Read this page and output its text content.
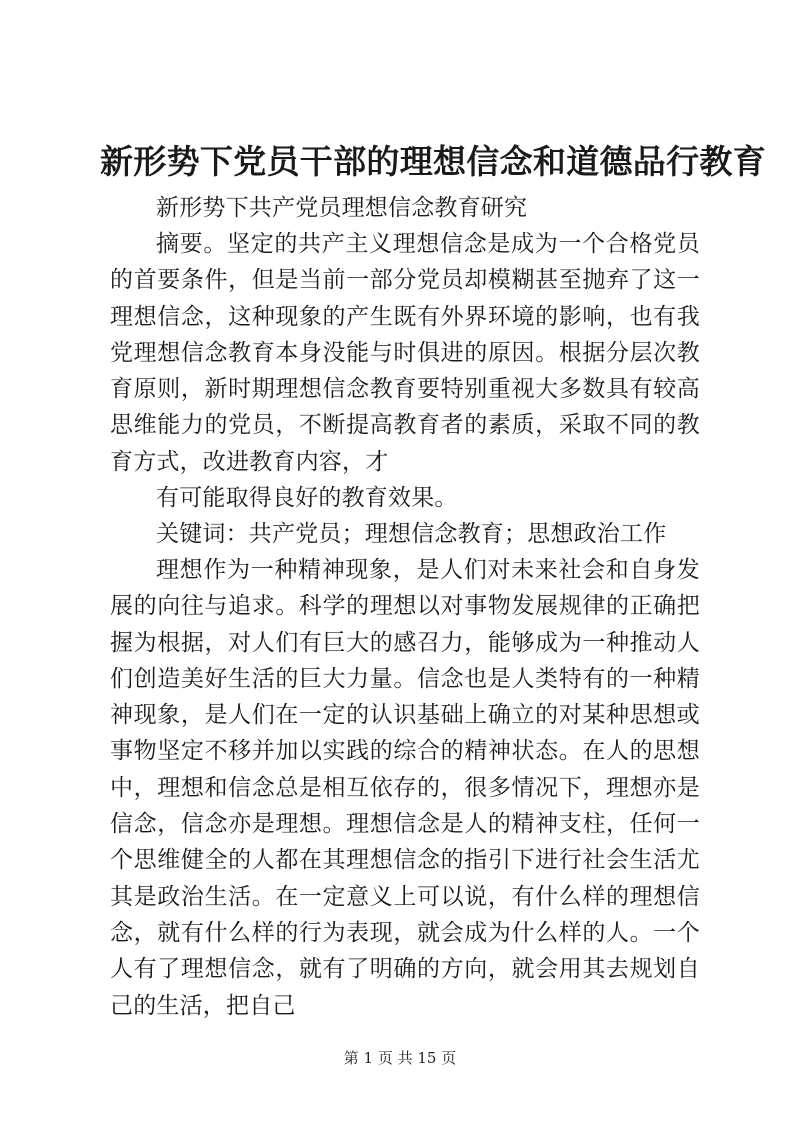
新形势下党员干部的理想信念和道德品行教育

新形势下共产党员理想信念教育研究

摘要。坚定的共产主义理想信念是成为一个合格党员的首要条件，但是当前一部分党员却模糊甚至抛弃了这一理想信念，这种现象的产生既有外界环境的影响，也有我党理想信念教育本身没能与时俱进的原因。根据分层次教育原则，新时期理想信念教育要特别重视大多数具有较高思维能力的党员，不断提高教育者的素质，采取不同的教育方式，改进教育内容，才

有可能取得良好的教育效果。

关键词：共产党员；理想信念教育；思想政治工作

理想作为一种精神现象，是人们对未来社会和自身发展的向往与追求。科学的理想以对事物发展规律的正确把握为根据，对人们有巨大的感召力，能够成为一种推动人们创造美好生活的巨大力量。信念也是人类特有的一种精神现象，是人们在一定的认识基础上确立的对某种思想或事物坚定不移并加以实践的综合的精神状态。在人的思想中，理想和信念总是相互依存的，很多情况下，理想亦是信念，信念亦是理想。理想信念是人的精神支柱，任何一个思维健全的人都在其理想信念的指引下进行社会生活尤其是政治生活。在一定意义上可以说，有什么样的理想信念，就有什么样的行为表现，就会成为什么样的人。一个人有了理想信念，就有了明确的方向，就会用其去规划自己的生活，把自己

第 1 页 共 15 页
